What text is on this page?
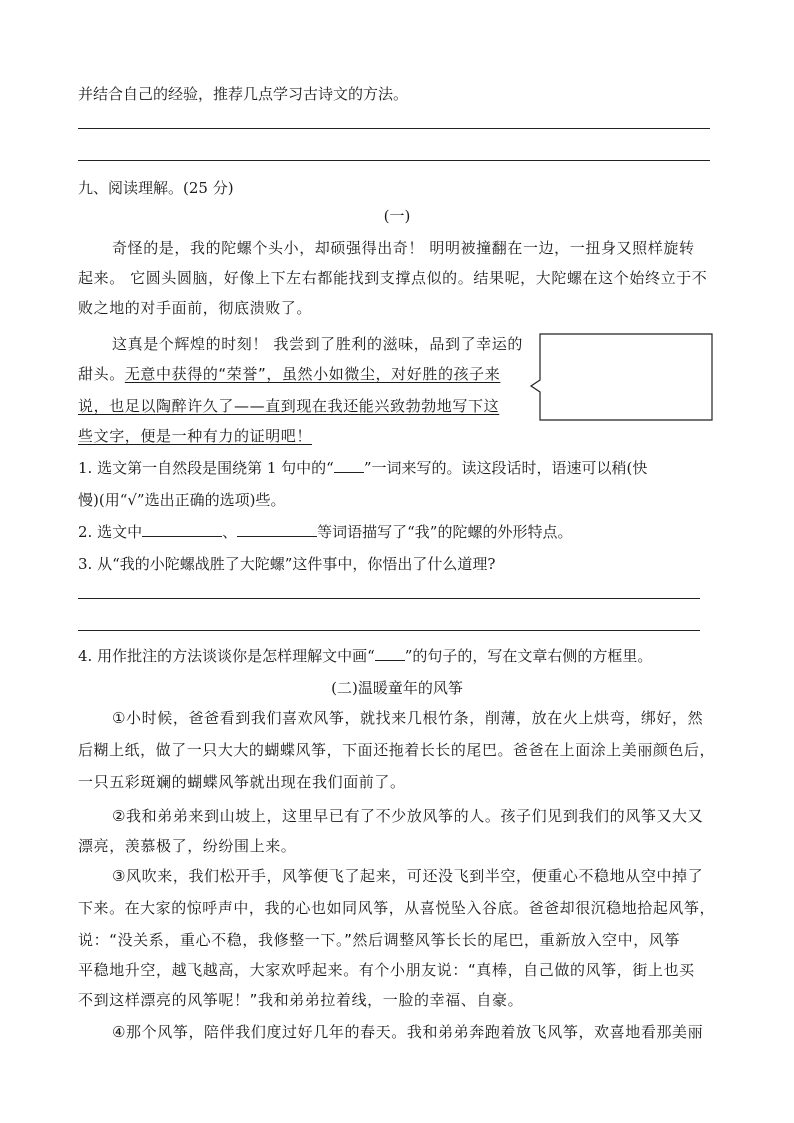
并结合自己的经验，推荐几点学习古诗文的方法。
九、阅读理解。(25 分)
(一)
奇怪的是，我的陀螺个头小，却硕强得出奇！ 明明被撞翻在一边，一扭身又照样旋转
起来。 它圆头圆脑，好像上下左右都能找到支撑点似的。结果呢，大陀螺在这个始终立于不
败之地的对手面前，彻底溃败了。
这真是个辉煌的时刻！ 我尝到了胜利的滋味，品到了幸运的
甜头。无意中获得的“荣誉”，虽然小如微尘，对好胜的孩子来
说，也足以陶醉许久了——直到现在我还能兴致勃勃地写下这
些文字，便是一种有力的证明吧！
1. 选文第一自然段是围绕第 1 句中的“ ”一词来写的。读这段话时，语速可以稍(快
慢)(用“√”选出正确的选项)些。
2. 选文中	、	等词语描写了“我”的陀螺的外形特点。
3. 从“我的小陀螺战胜了大陀螺”这件事中，你悟出了什么道理?
4. 用作批注的方法谈谈你是怎样理解文中画“ ”的句子的，写在文章右侧的方框里。
(二)温暖童年的风筝
①小时候，爸爸看到我们喜欢风筝，就找来几根竹条，削薄，放在火上烘弯，绑好，然
后糊上纸，做了一只大大的蝴蝶风筝，下面还拖着长长的尾巴。爸爸在上面涂上美丽颜色后，
一只五彩斑斓的蝴蝶风筝就出现在我们面前了。
②我和弟弟来到山坡上，这里早已有了不少放风筝的人。孩子们见到我们的风筝又大又
漂亮，羡慕极了，纷纷围上来。
③风吹来，我们松开手，风筝便飞了起来，可还没飞到半空，便重心不稳地从空中掉了
下来。在大家的惊呼声中，我的心也如同风筝，从喜悦坠入谷底。爸爸却很沉稳地拾起风筝，
说：“没关系，重心不稳，我修整一下。”然后调整风筝长长的尾巴，重新放入空中，风筝
平稳地升空，越飞越高，大家欢呼起来。有个小朋友说：“真棒，自己做的风筝，街上也买
不到这样漂亮的风筝呢！”我和弟弟拉着线，一脸的幸福、自豪。
④那个风筝，陪伴我们度过好几年的春天。我和弟弟奔跑着放飞风筝，欢喜地看那美丽
